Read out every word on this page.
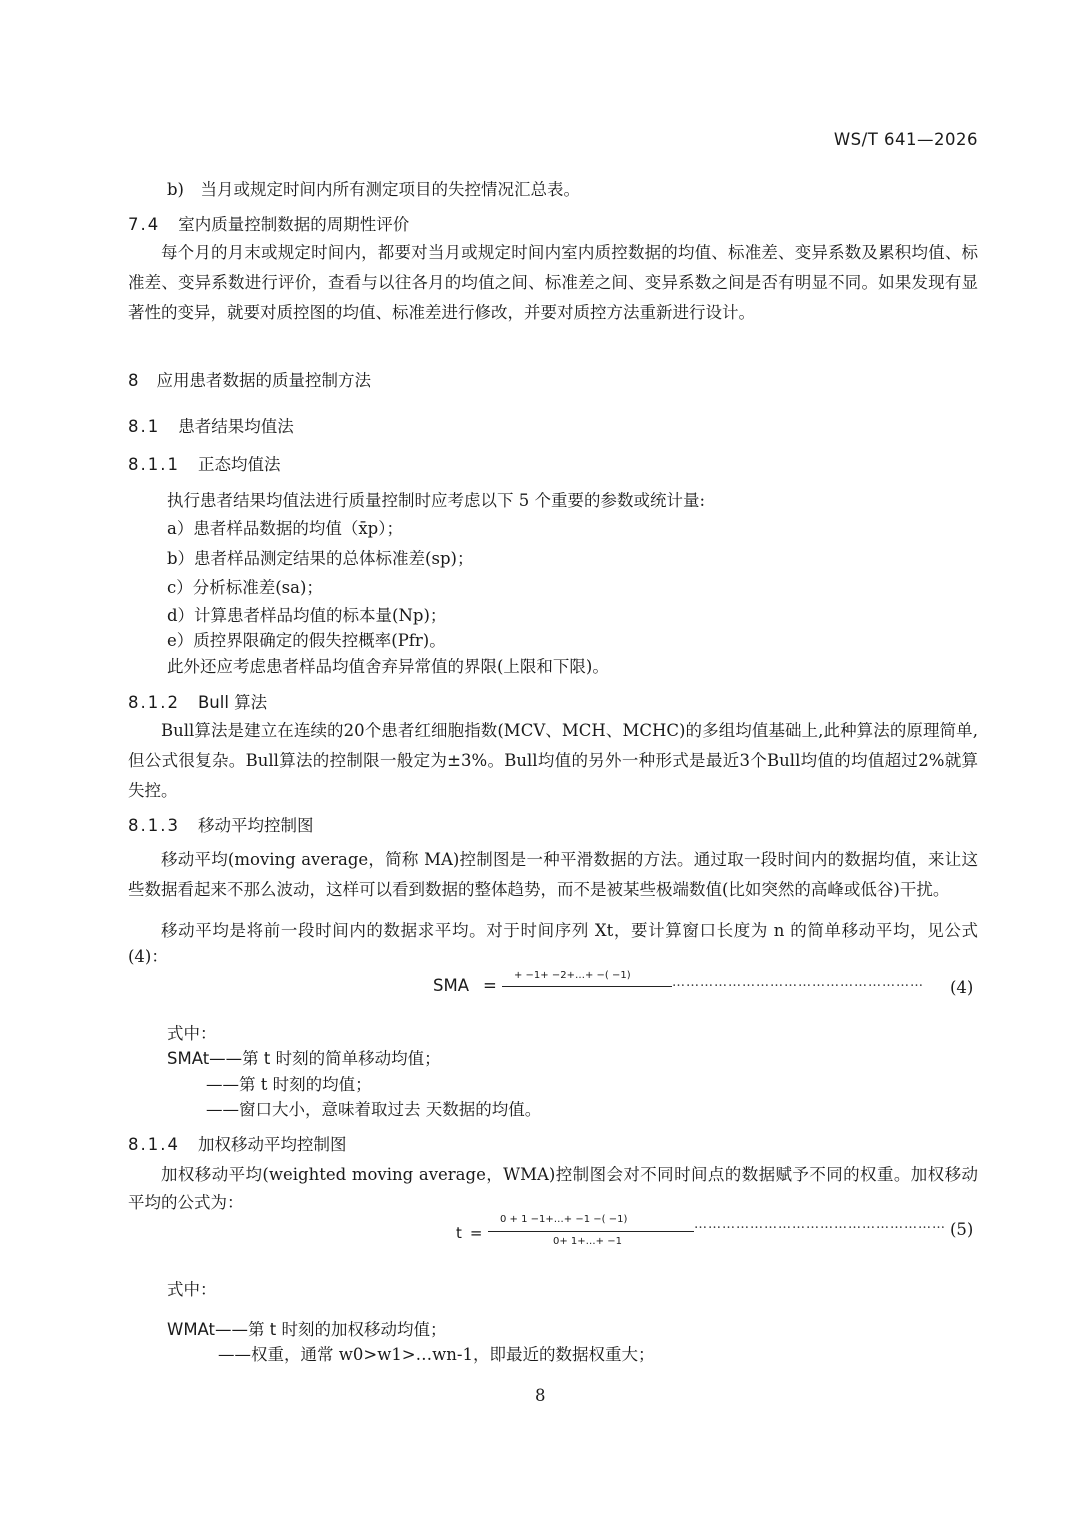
WS/T 641—2026
b)　当月或规定时间内所有测定项目的失控情况汇总表。
7.4 室内质量控制数据的周期性评价
每个月的月末或规定时间内，都要对当月或规定时间内室内质控数据的均值、标准差、变异系数及累积均值、标准差、变异系数进行评价，查看与以往各月的均值之间、标准差之间、变异系数之间是否有明显不同。如果发现有显著性的变异，就要对质控图的均值、标准差进行修改，并要对质控方法重新进行设计。
8 应用患者数据的质量控制方法
8.1 患者结果均值法
8.1.1 正态均值法
执行患者结果均值法进行质量控制时应考虑以下 5 个重要的参数或统计量:
a）患者样品数据的均值（x̄p）；
b）患者样品测定结果的总体标准差(sp)；
c）分析标准差(sa)；
d）计算患者样品均值的标本量(Np)；
e）质控界限确定的假失控概率(Pfr)。
此外还应考虑患者样品均值舍弃异常值的界限(上限和下限)。
8.1.2 Bull 算法
Bull算法是建立在连续的20个患者红细胞指数(MCV、MCH、MCHC)的多组均值基础上,此种算法的原理简单,但公式很复杂。Bull算法的控制限一般定为±3%。Bull均值的另外一种形式是最近3个Bull均值的均值超过2%就算失控。
8.1.3 移动平均控制图
移动平均(moving average，简称 MA)控制图是一种平滑数据的方法。通过取一段时间内的数据均值，来让这些数据看起来不那么波动，这样可以看到数据的整体趋势，而不是被某些极端数值(比如突然的高峰或低谷)干扰。
移动平均是将前一段时间内的数据求平均。对于时间序列 Xt，要计算窗口长度为 n 的简单移动平均，见公式(4)：
SMA =
+ −1+ −2+…+ −( −1)	……………………………………………… (4)
式中：
SMAt——第 t 时刻的简单移动均值；
——第 t 时刻的均值；
——窗口大小，意味着取过去 天数据的均值。
8.1.4 加权移动平均控制图
加权移动平均(weighted moving average，WMA)控制图会对不同时间点的数据赋予不同的权重。加权移动平均的公式为：
t =
0 + 1 −1+…+ −1 −( −1)
0+ 1+…+ −1
……………………………………………… (5)
式中：
WMAt——第 t 时刻的加权移动均值；
——权重，通常 w0>w1>…wn-1，即最近的数据权重大；
8
